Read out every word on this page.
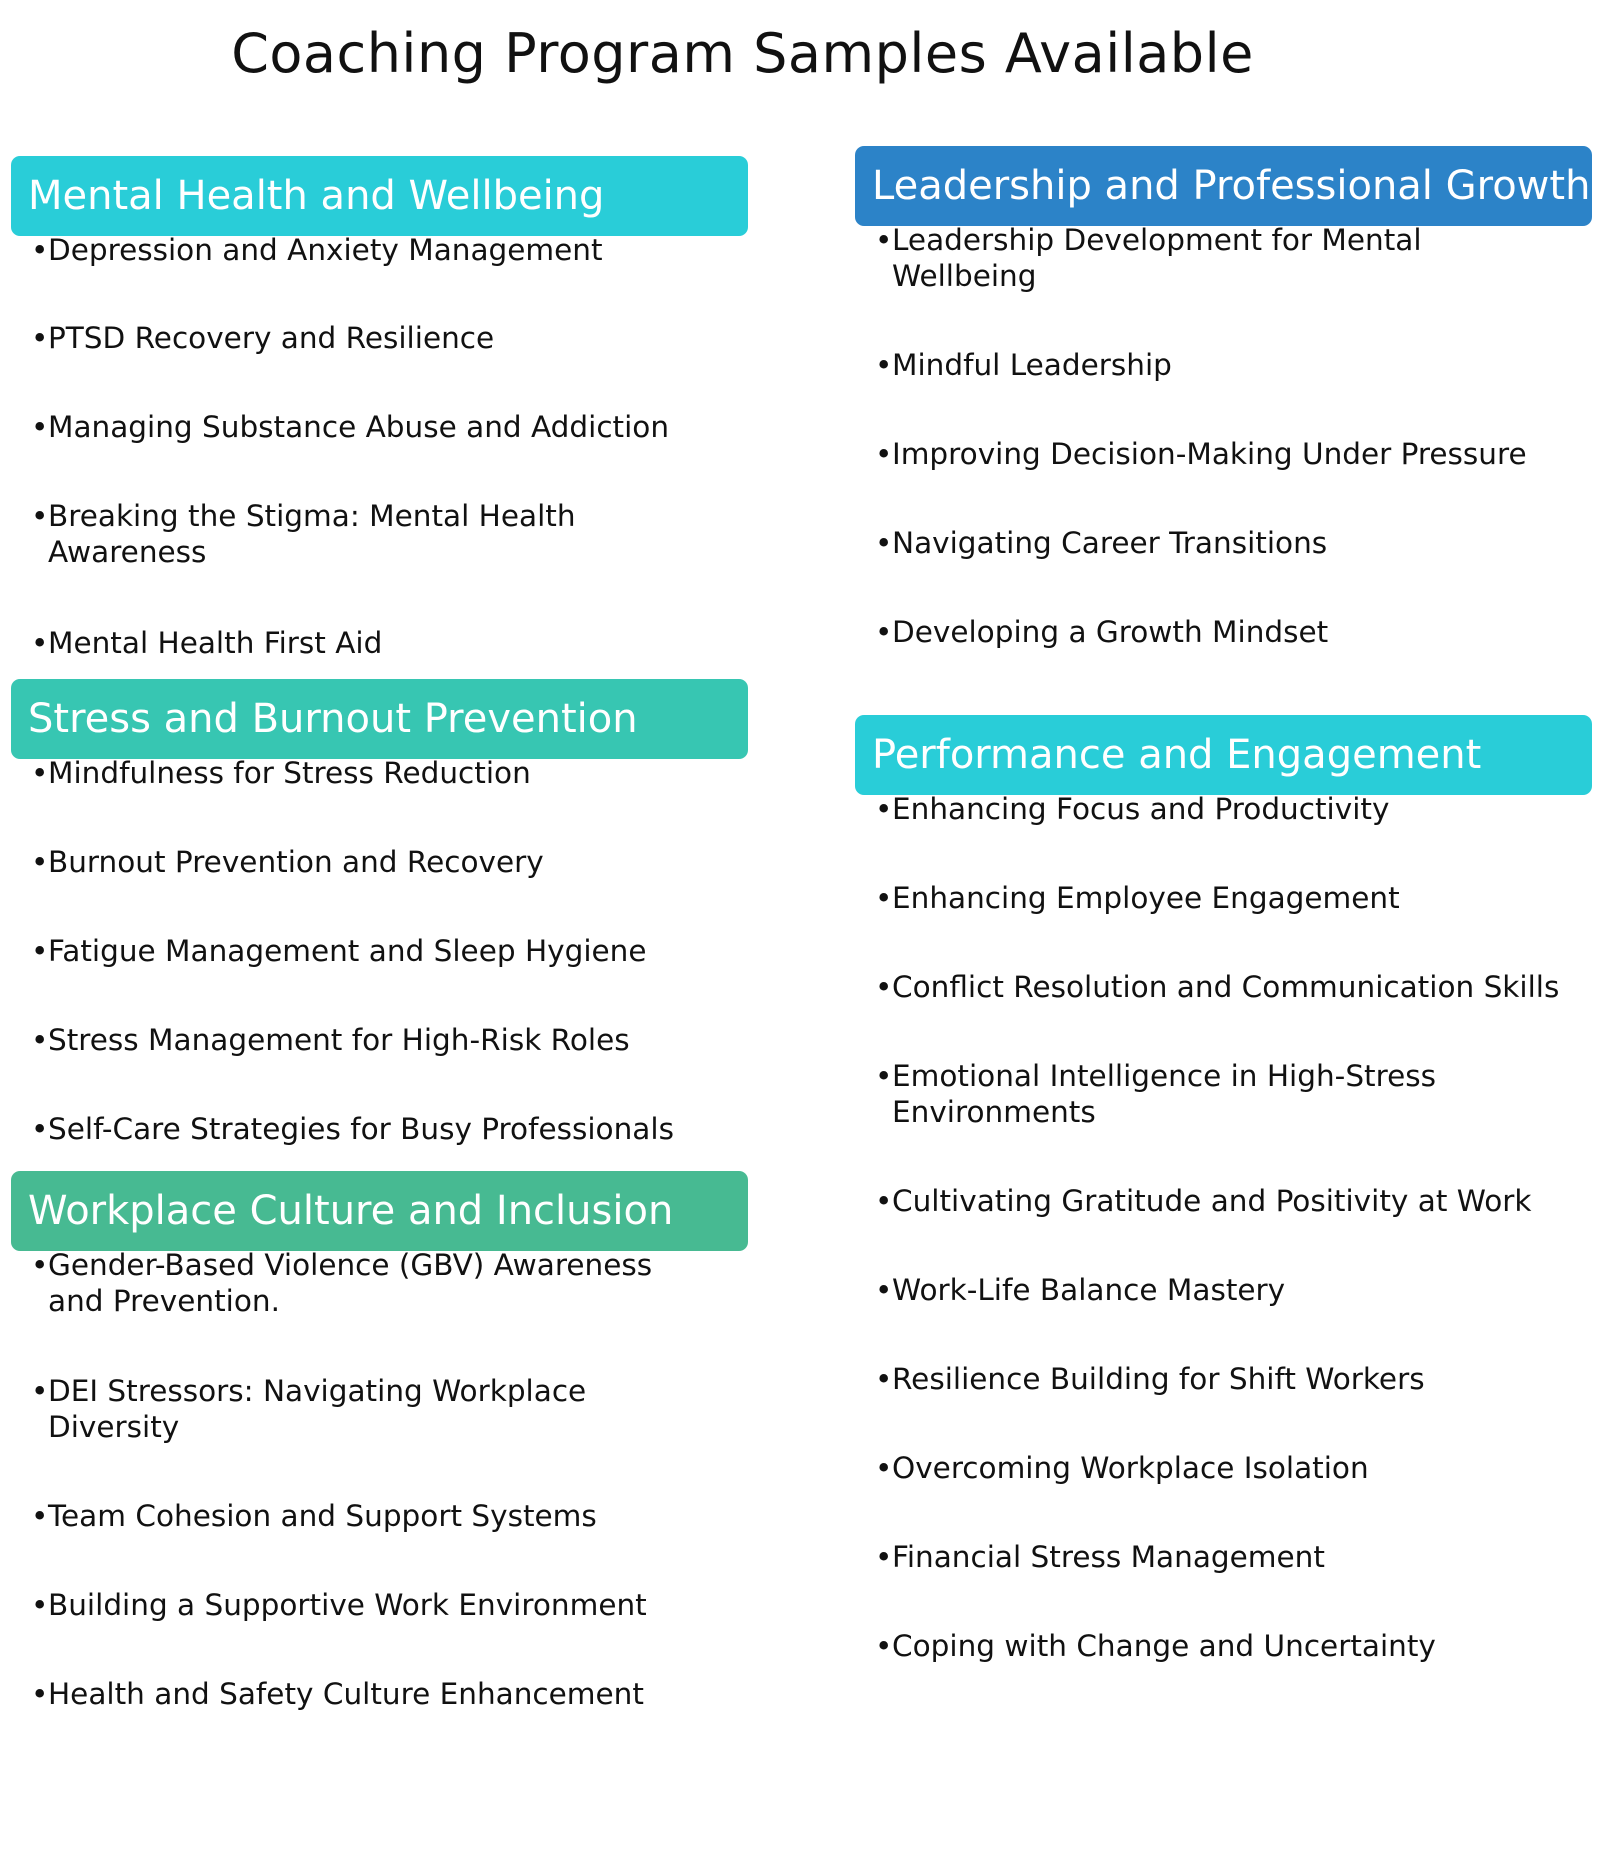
Coaching Program Samples Available
Mental Health and Wellbeing
• Depression and Anxiety Management
• PTSD Recovery and Resilience
• Managing Substance Abuse and Addiction
• Breaking the Stigma: Mental Health
Awareness
• Mental Health First Aid
Stress and Burnout Prevention
• Mindfulness for Stress Reduction
• Burnout Prevention and Recovery
• Fatigue Management and Sleep Hygiene
• Stress Management for High-Risk Roles
• Self-Care Strategies for Busy Professionals
Workplace Culture and Inclusion
• Gender-Based Violence (GBV) Awareness
and Prevention.
• DEI Stressors: Navigating Workplace
Diversity
• Team Cohesion and Support Systems
• Building a Supportive Work Environment
• Health and Safety Culture Enhancement
Leadership and Professional Growth
• Leadership Development for Mental
Wellbeing
• Mindful Leadership
• Improving Decision-Making Under Pressure
• Navigating Career Transitions
• Developing a Growth Mindset
Performance and Engagement
• Enhancing Focus and Productivity
• Enhancing Employee Engagement
• Conflict Resolution and Communication Skills
• Emotional Intelligence in High-Stress
Environments
• Cultivating Gratitude and Positivity at Work
• Work-Life Balance Mastery
• Resilience Building for Shift Workers
• Overcoming Workplace Isolation
• Financial Stress Management
• Coping with Change and Uncertainty
